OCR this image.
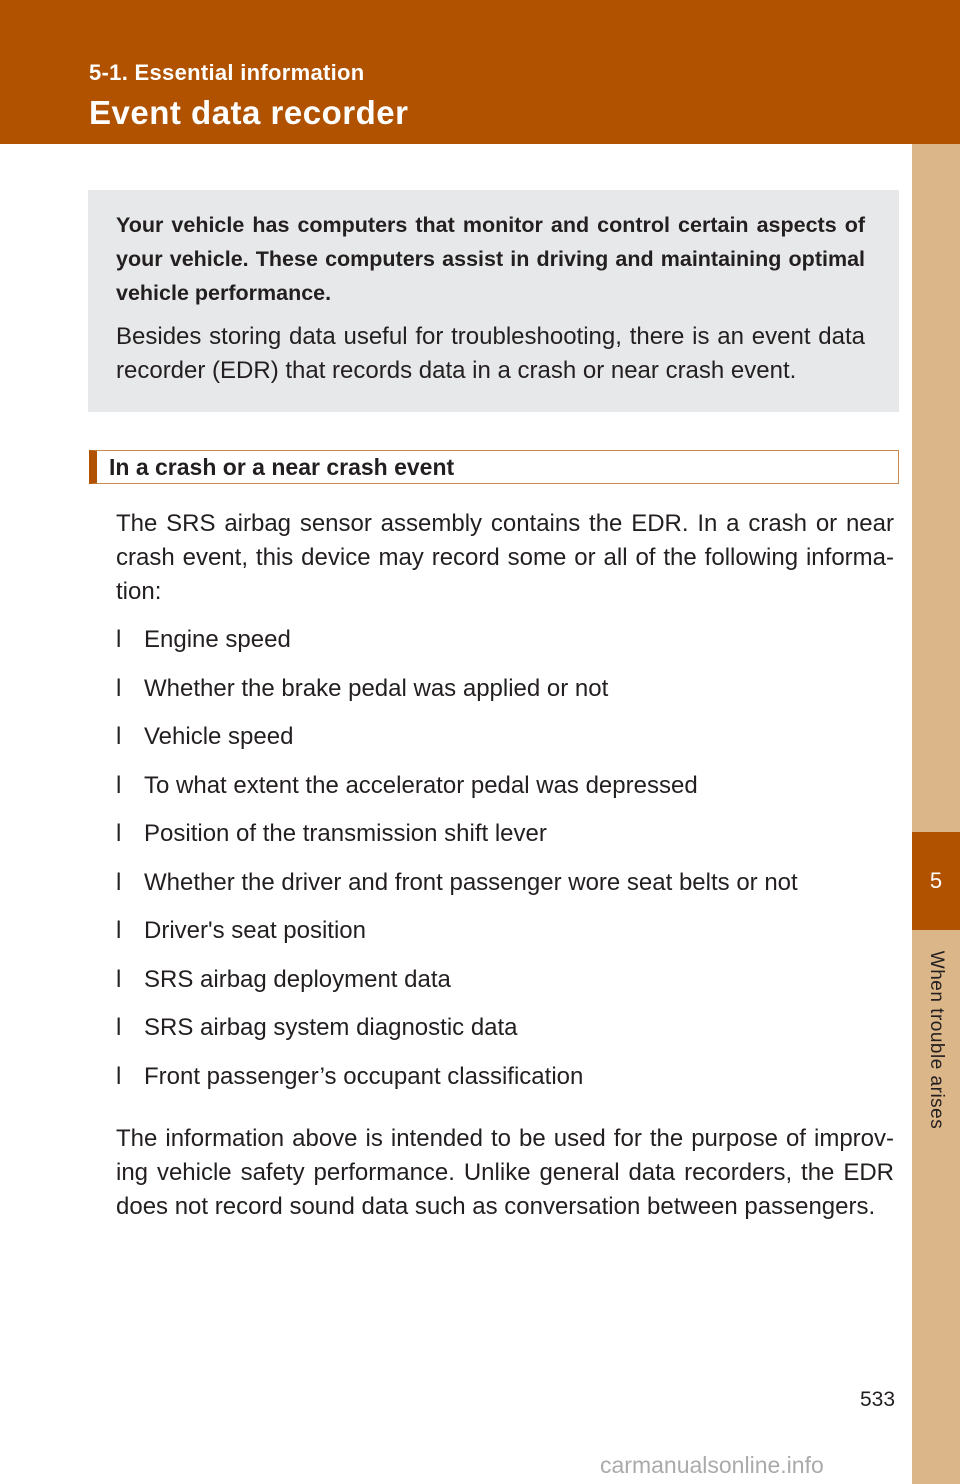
5-1. Essential information
Event data recorder
5
When trouble arises

Your vehicle has computers that monitor and control certain aspects of your vehicle. These computers assist in driving and maintaining optimal vehicle performance.

Besides storing data useful for troubleshooting, there is an event data recorder (EDR) that records data in a crash or near crash event.

In a crash or a near crash event

The SRS airbag sensor assembly contains the EDR. In a crash or near crash event, this device may record some or all of the following informa-tion:

l Engine speed
l Whether the brake pedal was applied or not
l Vehicle speed
l To what extent the accelerator pedal was depressed
l Position of the transmission shift lever
l Whether the driver and front passenger wore seat belts or not
l Driver's seat position
l SRS airbag deployment data
l SRS airbag system diagnostic data
l Front passenger’s occupant classification

The information above is intended to be used for the purpose of improv-ing vehicle safety performance. Unlike general data recorders, the EDR does not record sound data such as conversation between passengers.

533
carmanualsonline.info
